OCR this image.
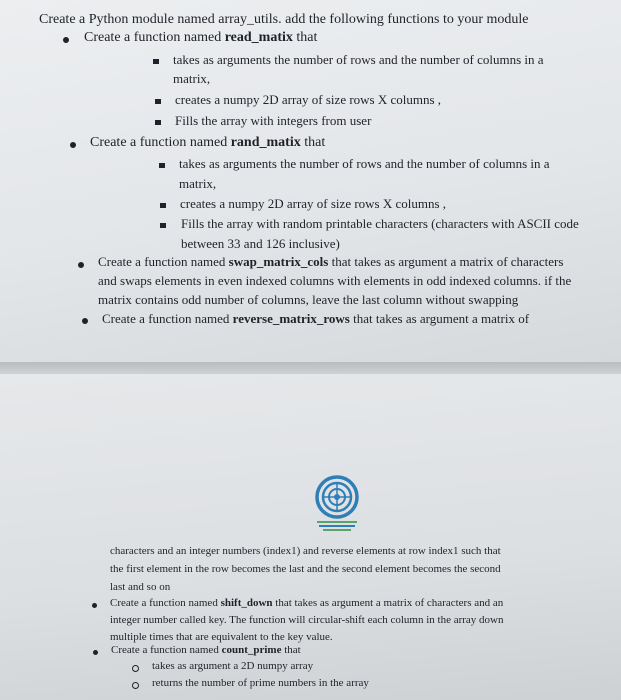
Create a Python module named array_utils. add the following functions to your module
Create a function named read_matix that
takes as arguments the number of rows and the number of columns in a
matrix,
creates a numpy 2D array of size rows X columns ,
Fills the array with integers from user
Create a function named rand_matix that
takes as arguments the number of rows and the number of columns in a
matrix,
creates a numpy 2D array of size rows X columns ,
Fills the array with random printable characters (characters with ASCII code
between 33 and 126 inclusive)
Create a function named swap_matrix_cols that takes as argument a matrix of characters
and swaps elements in even indexed columns with elements in odd indexed columns. if the
matrix contains odd number of columns, leave the last column without swapping
Create a function named reverse_matrix_rows that takes as argument a matrix of
characters and an integer numbers (index1) and reverse elements at row index1 such that
the first element in the row becomes the last and the second element becomes the second
last and so on
Create a function named shift_down that takes as argument a matrix of characters and an
integer number called key. The function will circular-shift each column in the array down
multiple times that are equivalent to the key value.
Create a function named count_prime that
takes as argument a 2D numpy array
returns the number of prime numbers in the array
